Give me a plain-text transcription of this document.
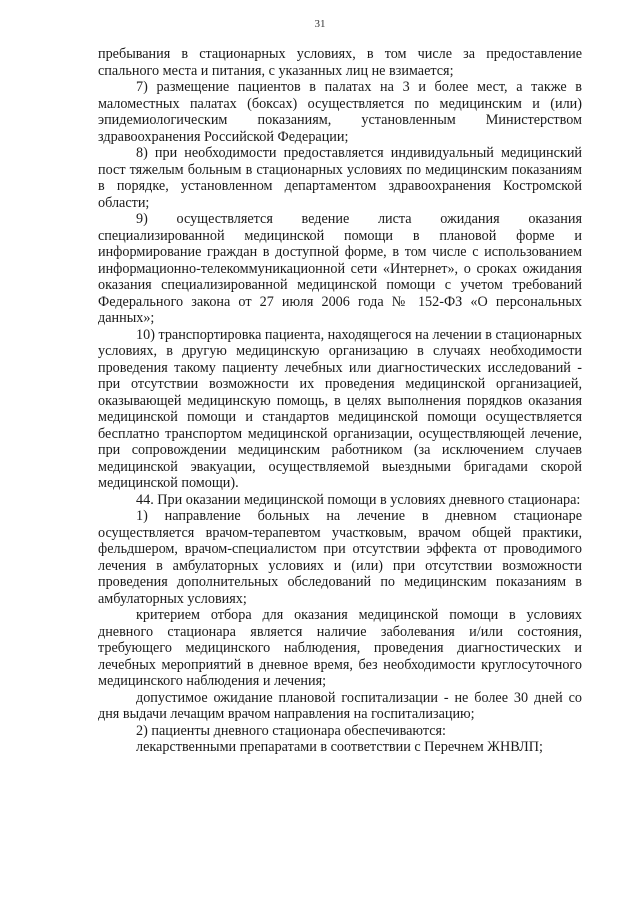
31

пребывания в стационарных условиях, в том числе за предоставление спального места и питания, с указанных лиц не взимается;

7) размещение пациентов в палатах на 3 и более мест, а также в маломестных палатах (боксах) осуществляется по медицинским и (или) эпидемиологическим показаниям, установленным Министерством здравоохранения Российской Федерации;

8) при необходимости предоставляется индивидуальный медицинский пост тяжелым больным в стационарных условиях по медицинским показаниям в порядке, установленном департаментом здравоохранения Костромской области;

9) осуществляется ведение листа ожидания оказания специализированной медицинской помощи в плановой форме и информирование граждан в доступной форме, в том числе с использованием информационно-телекоммуникационной сети «Интернет», о сроках ожидания оказания специализированной медицинской помощи с учетом требований Федерального закона от 27 июля 2006 года № 152-ФЗ «О персональных данных»;

10) транспортировка пациента, находящегося на лечении в стационарных условиях, в другую медицинскую организацию в случаях необходимости проведения такому пациенту лечебных или диагностических исследований - при отсутствии возможности их проведения медицинской организацией, оказывающей медицинскую помощь, в целях выполнения порядков оказания медицинской помощи и стандартов медицинской помощи осуществляется бесплатно транспортом медицинской организации, осуществляющей лечение, при сопровождении медицинским работником (за исключением случаев медицинской эвакуации, осуществляемой выездными бригадами скорой медицинской помощи).

44. При оказании медицинской помощи в условиях дневного стационара:

1) направление больных на лечение в дневном стационаре осуществляется врачом-терапевтом участковым, врачом общей практики, фельдшером, врачом-специалистом при отсутствии эффекта от проводимого лечения в амбулаторных условиях и (или) при отсутствии возможности проведения дополнительных обследований по медицинским показаниям в амбулаторных условиях;

критерием отбора для оказания медицинской помощи в условиях дневного стационара является наличие заболевания и/или состояния, требующего медицинского наблюдения, проведения диагностических и лечебных мероприятий в дневное время, без необходимости круглосуточного медицинского наблюдения и лечения;

допустимое ожидание плановой госпитализации - не более 30 дней со дня выдачи лечащим врачом направления на госпитализацию;

2) пациенты дневного стационара обеспечиваются:

лекарственными препаратами в соответствии с Перечнем ЖНВЛП;
